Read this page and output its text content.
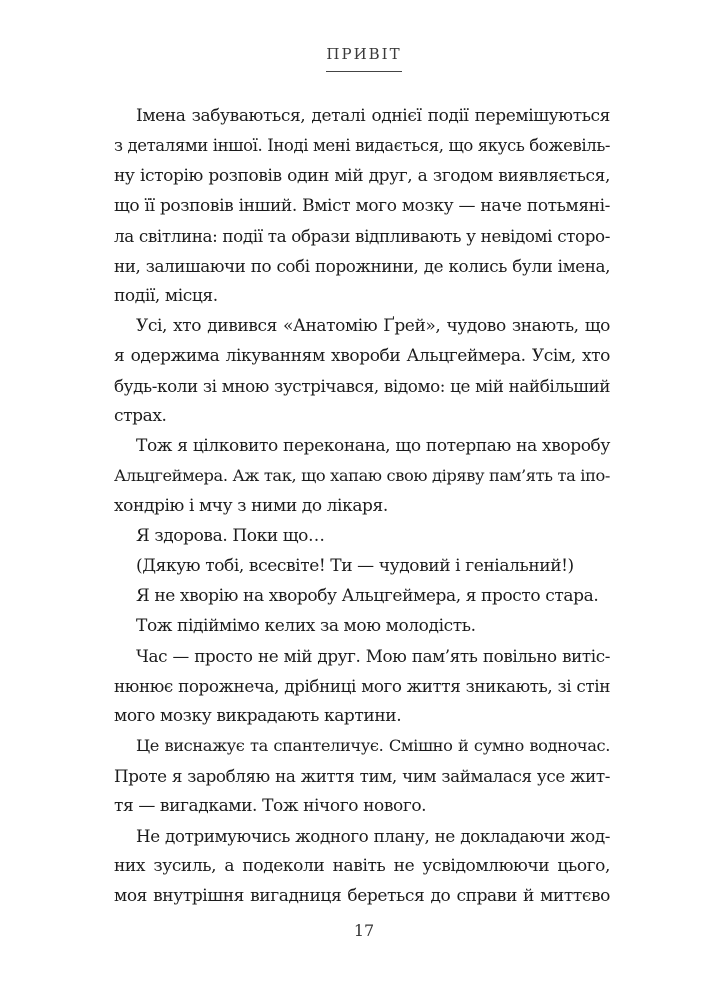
ПРИВІТ
Імена забуваються, деталі однієї події перемішуються
з деталями іншої. Іноді мені видається, що якусь божевіль-
ну історію розповів один мій друг, а згодом виявляється,
що її розповів інший. Вміст мого мозку — наче потьмяні-
ла світлина: події та образи відпливають у невідомі сторо-
ни, залишаючи по собі порожнини, де колись були імена,
події, місця.
Усі, хто дивився «Анатомію Ґрей», чудово знають, що
я одержима лікуванням хвороби Альцгеймера. Усім, хто
будь-коли зі мною зустрічався, відомо: це мій найбільший
страх.
Тож я цілковито переконана, що потерпаю на хворобу
Альцгеймера. Аж так, що хапаю свою діряву пам’ять та іпо-
хондрію і мчу з ними до лікаря.
Я здорова. Поки що…
(Дякую тобі, всесвіте! Ти — чудовий і геніальний!)
Я не хворію на хворобу Альцгеймера, я просто стара.
Тож підіймімо келих за мою молодість.
Час — просто не мій друг. Мою пам’ять повільно витіс-
нюнює порожнеча, дрібниці мого життя зникають, зі стін
мого мозку викрадають картини.
Це виснажує та спантеличує. Смішно й сумно водночас.
Проте я заробляю на життя тим, чим займалася усе жит-
тя — вигадками. Тож нічого нового.
Не дотримуючись жодного плану, не докладаючи жод-
них зусиль, а подеколи навіть не усвідомлюючи цього,
моя внутрішня вигадниця береться до справи й миттєво
17
